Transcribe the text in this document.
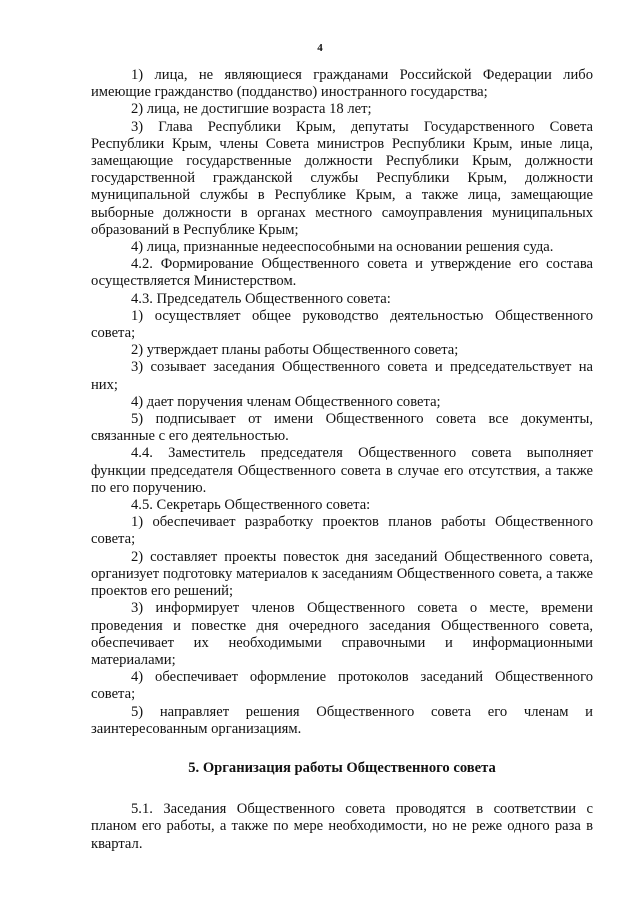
4

1) лица, не являющиеся гражданами Российской Федерации либо имеющие гражданство (подданство) иностранного государства;

2) лица, не достигшие возраста 18 лет;

3) Глава Республики Крым, депутаты Государственного Совета Республики Крым, члены Совета министров Республики Крым, иные лица, замещающие государственные должности Республики Крым, должности государственной гражданской службы Республики Крым, должности муниципальной службы в Республике Крым, а также лица, замещающие выборные должности в органах местного самоуправления муниципальных образований в Республике Крым;

4) лица, признанные недееспособными на основании решения суда.

4.2. Формирование Общественного совета и утверждение его состава осуществляется Министерством.

4.3. Председатель Общественного совета:

1) осуществляет общее руководство деятельностью Общественного совета;

2) утверждает планы работы Общественного совета;

3) созывает заседания Общественного совета и председательствует на них;

4) дает поручения членам Общественного совета;

5) подписывает от имени Общественного совета все документы, связанные с его деятельностью.

4.4. Заместитель председателя Общественного совета выполняет функции председателя Общественного совета в случае его отсутствия, а также по его поручению.

4.5. Секретарь Общественного совета:

1) обеспечивает разработку проектов планов работы Общественного совета;

2) составляет проекты повесток дня заседаний Общественного совета, организует подготовку материалов к заседаниям Общественного совета, а также проектов его решений;

3) информирует членов Общественного совета о месте, времени проведения и повестке дня очередного заседания Общественного совета, обеспечивает их необходимыми справочными и информационными материалами;

4) обеспечивает оформление протоколов заседаний Общественного совета;

5) направляет решения Общественного совета его членам и заинтересованным организациям.

5. Организация работы Общественного совета

5.1. Заседания Общественного совета проводятся в соответствии с планом его работы, а также по мере необходимости, но не реже одного раза в квартал.
